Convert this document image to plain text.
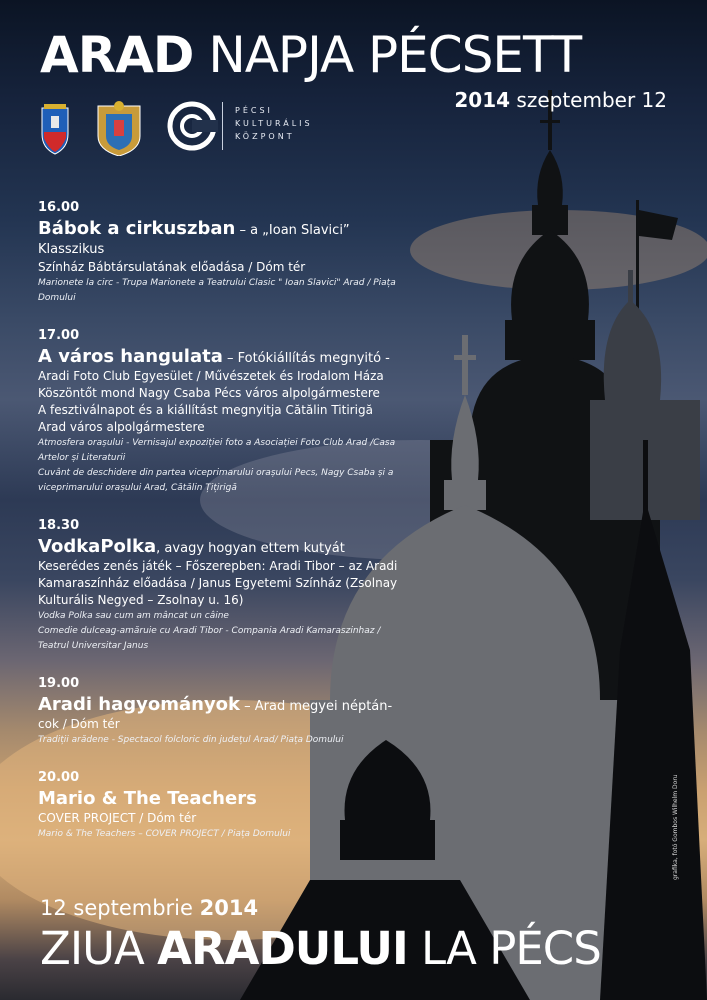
ARAD NAPJA PÉCSETT
2014 szeptember 12
PÉCSI
KULTURÁLIS
KÖZPONT
16.00
Bábok a cirkuszban – a „Ioan Slavici” Klasszikus
Színház Bábtársulatának előadása / Dóm tér
Marionete la circ - Trupa Marionete a Teatrului Clasic " Ioan Slavici" Arad / Piața
Domului
17.00
A város hangulata – Fotókiállítás megnyitó -
Aradi Foto Club Egyesület / Művészetek és Irodalom Háza
Köszöntőt mond Nagy Csaba Pécs város alpolgármestere
A fesztiválnapot és a kiállítást megnyitja Cătălin Titirigă
Arad város alpolgármestere
Atmosfera orașului - Vernisajul expoziției foto a Asociației Foto Club Arad /Casa
Artelor și Literaturii
Cuvânt de deschidere din partea viceprimarului orașului Pecs, Nagy Csaba și a
viceprimarului orașului Arad, Cătălin Țițirigă
18.30
VodkaPolka, avagy hogyan ettem kutyát
Keserédes zenés játék – Főszerepben: Aradi Tibor – az Aradi
Kamaraszínház előadása / Janus Egyetemi Színház (Zsolnay
Kulturális Negyed – Zsolnay u. 16)
Vodka Polka sau cum am mâncat un câine
Comedie dulceag-amăruie cu Aradi Tibor - Compania Aradi Kamaraszinhaz /
Teatrul Universitar Janus
19.00
Aradi hagyományok – Arad megyei néptán-
cok / Dóm tér
Tradiții arădene - Spectacol folcloric din județul Arad/ Piața Domului
20.00
Mario & The Teachers
COVER PROJECT / Dóm tér
Mario & The Teachers – COVER PROJECT / Piața Domului	grafika, fotó Gombos Wilhelm Doru
12 septembrie 2014
ZIUA ARADULUI LA PÉCS
